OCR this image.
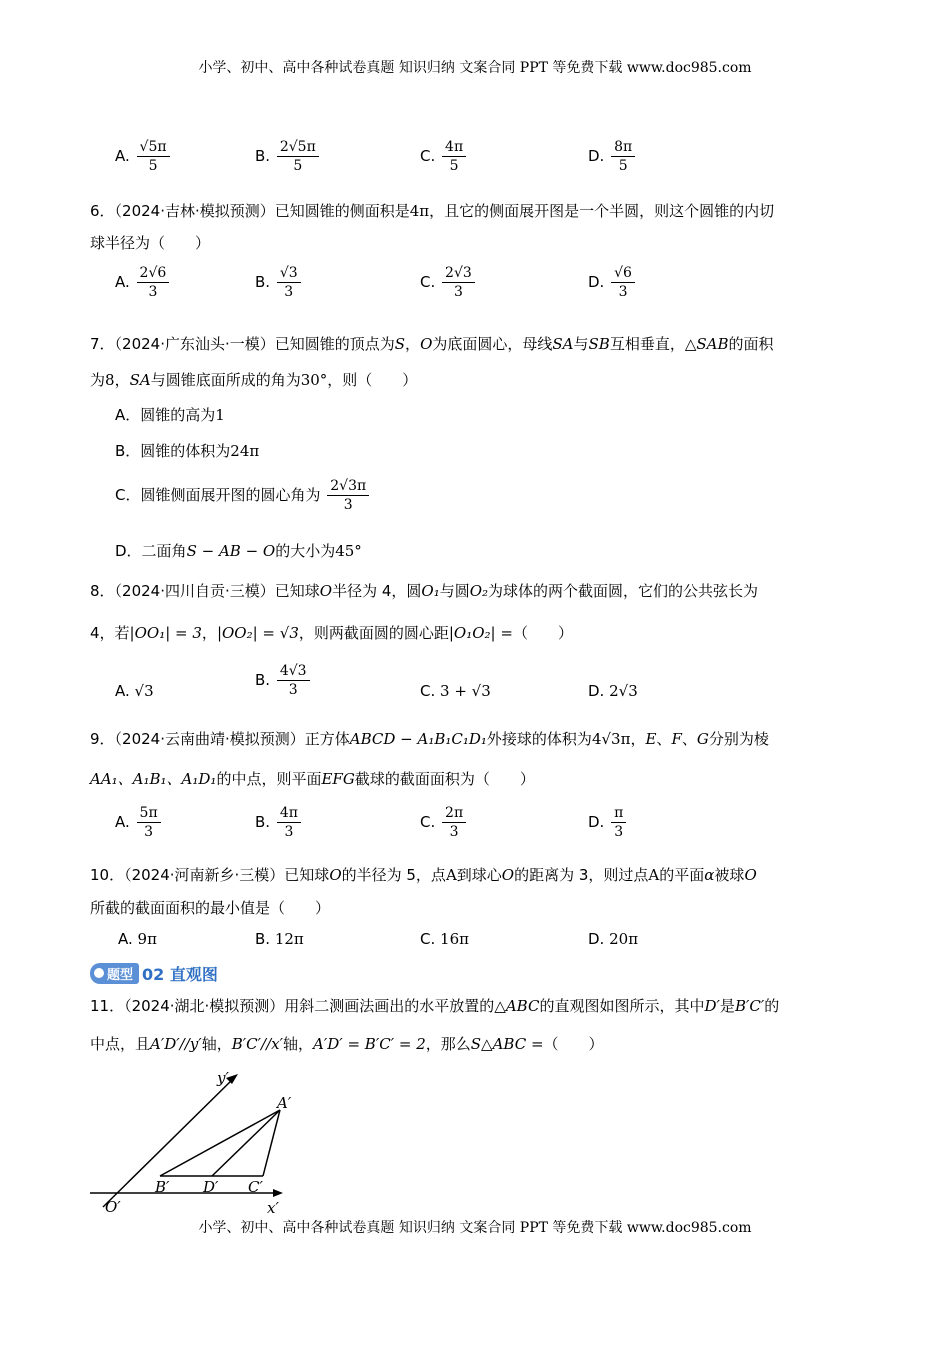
小学、初中、高中各种试卷真题 知识归纳 文案合同 PPT 等免费下载 www.doc985.com
A. $\frac{√5\pi}{5}$	B. $\frac{2√5\pi}{5}$	C. $\frac{4\pi}{5}$	D. $\frac{8\pi}{5}$
6．（2024·吉林·模拟预测）已知圆锥的侧面积是4π，且它的侧面展开图是一个半圆，则这个圆锥的内切
球半径为（　　）
A. $\frac{2√6}{3}$	B. $\frac{√3}{3}$	C. $\frac{2√3}{3}$	D. $\frac{√6}{3}$
7．（2024·广东汕头·一模）已知圆锥的顶点为S，O为底面圆心，母线SA与SB互相垂直，△SAB的面积
为8，SA与圆锥底面所成的角为30°，则（　　）
A．圆锥的高为1
B．圆锥的体积为24π
C．圆锥侧面展开图的圆心角为 $\frac{2√3\pi}{3}$
D．二面角S − AB − O的大小为45°
8．（2024·四川自贡·三模）已知球O半径为 4，圆O₁与圆O₂为球体的两个截面圆，它们的公共弦长为
4，若|OO₁| = 3，|OO₂| = √3，则两截面圆的圆心距|O₁O₂| =（　　）
A. √3
B. $\frac{4√3}{3}$	C. 3 + √3	D. 2√3
9．（2024·云南曲靖·模拟预测）正方体ABCD − A₁B₁C₁D₁外接球的体积为4√3π，E、F、G分别为棱
AA₁、A₁B₁、A₁D₁的中点，则平面EFG截球的截面面积为（　　）
A. $\frac{5\pi}{3}$	B. $\frac{4\pi}{3}$	C. $\frac{2\pi}{3}$	D. $\frac{\pi}{3}$
10．（2024·河南新乡·三模）已知球O的半径为 5，点A到球心O的距离为 3，则过点A的平面α被球O
所截的截面面积的最小值是（　　）
A. 9π	B. 12π	C. 16π	D. 20π
题型 02 直观图
11．（2024·湖北·模拟预测）用斜二测画法画出的水平放置的△ABC的直观图如图所示，其中D′是B′C′的
中点，且A′D′//y′轴，B′C′//x′轴，A′D′ = B′C′ = 2，那么S△ABC =（　　）
y′
x′
O′
A′
B′ D′ C′
小学、初中、高中各种试卷真题 知识归纳 文案合同 PPT 等免费下载 www.doc985.com
